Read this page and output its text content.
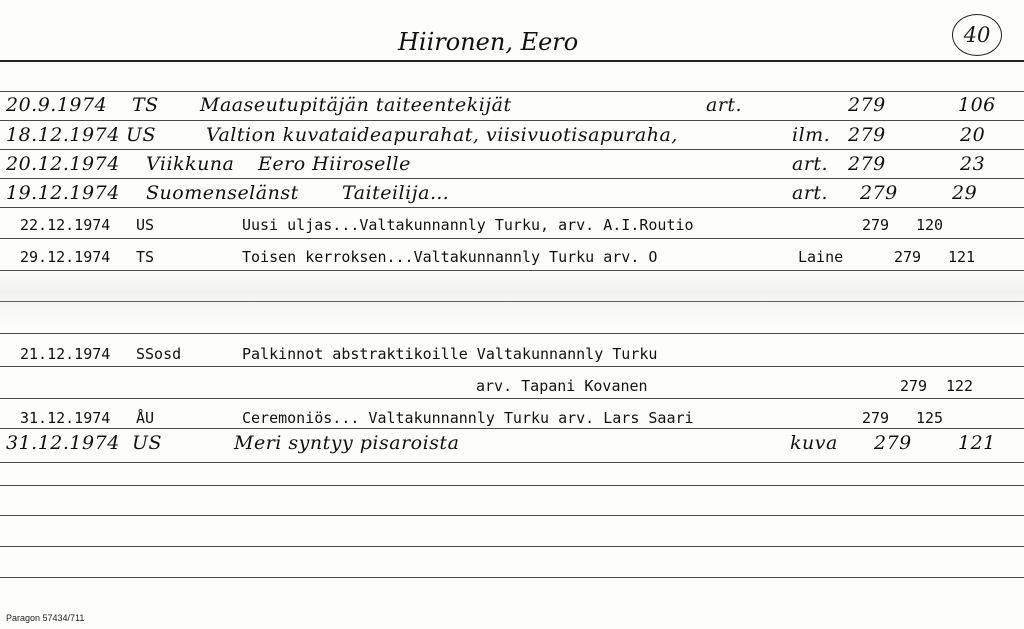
Hiironen, Eero	40
20.9.1974 TS Maaseutupitäjän taiteentekijät	art.	279	106
18.12.1974 US	Valtion kuvataideapurahat, viisivuotisapuraha,	ilm. 279	20
20.12.1974 Viikkuna Eero Hiiroselle	art. 279	23
19.12.1974 Suomenselänst Taiteilija…	art. 279	29
22.12.1974 US	Uusi uljas...Valtakunnannly Turku, arv. A.I.Routio	279 120
29.12.1974 TS	Toisen kerroksen...Valtakunnannly Turku arv. O	Laine	279 121
21.12.1974 SSosd	Palkinnot abstraktikoille Valtakunnannly Turku
arv. Tapani Kovanen	279 122
31.12.1974 ÅU	Ceremoniös... Valtakunnannly Turku arv. Lars Saari	279 125
31.12.1974 US	Meri syntyy pisaroista	kuva 279 121
Paragon 57434/711
